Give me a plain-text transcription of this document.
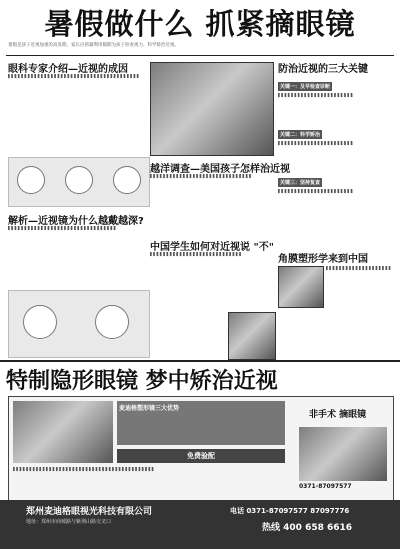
暑假做什么 抓紧摘眼镜
暑假是孩子近视加重的高发期，家长应抓紧利用假期为孩子检查视力、科学矫治近视。
眼科专家介绍—近视的成因
▌▌▌▌▌▌▌▌▌▌▌▌▌▌▌▌▌▌▌▌▌▌▌▌▌▌▌▌▌▌▌▌▌▌▌▌▌▌▌▌
越洋调查—美国孩子怎样治近视
▌▌▌▌▌▌▌▌▌▌▌▌▌▌▌▌▌▌▌▌▌▌▌▌▌▌▌▌▌▌▌
防治近视的三大关键
关键一：及早检查诊断
▌▌▌▌▌▌▌▌▌▌▌▌▌▌▌▌▌▌▌▌▌▌▌
关键二：科学矫治
▌▌▌▌▌▌▌▌▌▌▌▌▌▌▌▌▌▌▌▌▌▌▌
关键三：坚持复查
▌▌▌▌▌▌▌▌▌▌▌▌▌▌▌▌▌▌▌▌▌▌▌
解析—近视镜为什么越戴越深?
▌▌▌▌▌▌▌▌▌▌▌▌▌▌▌▌▌▌▌▌▌▌▌▌▌▌▌▌▌▌▌▌▌
中国学生如何对近视说 "不"
▌▌▌▌▌▌▌▌▌▌▌▌▌▌▌▌▌▌▌▌▌▌▌▌▌▌▌▌	角膜塑形学来到中国
▌▌▌▌▌▌▌▌▌▌▌▌▌▌▌▌▌▌▌▌
特制隐形眼镜 梦中矫治近视
麦迪格塑形镜三大优势
非手术 摘眼镜
免费验配
▌▌▌▌▌▌▌▌▌▌▌▌▌▌▌▌▌▌▌▌▌▌▌▌▌▌▌▌▌▌▌▌▌▌▌▌▌▌▌▌▌▌▌
0371-87097577
郑州麦迪格眼视光科技有限公司
地址：郑州市商城路与紫荆山路交叉口
电话 0371-87097577 87097776
热线 400 658 6616
